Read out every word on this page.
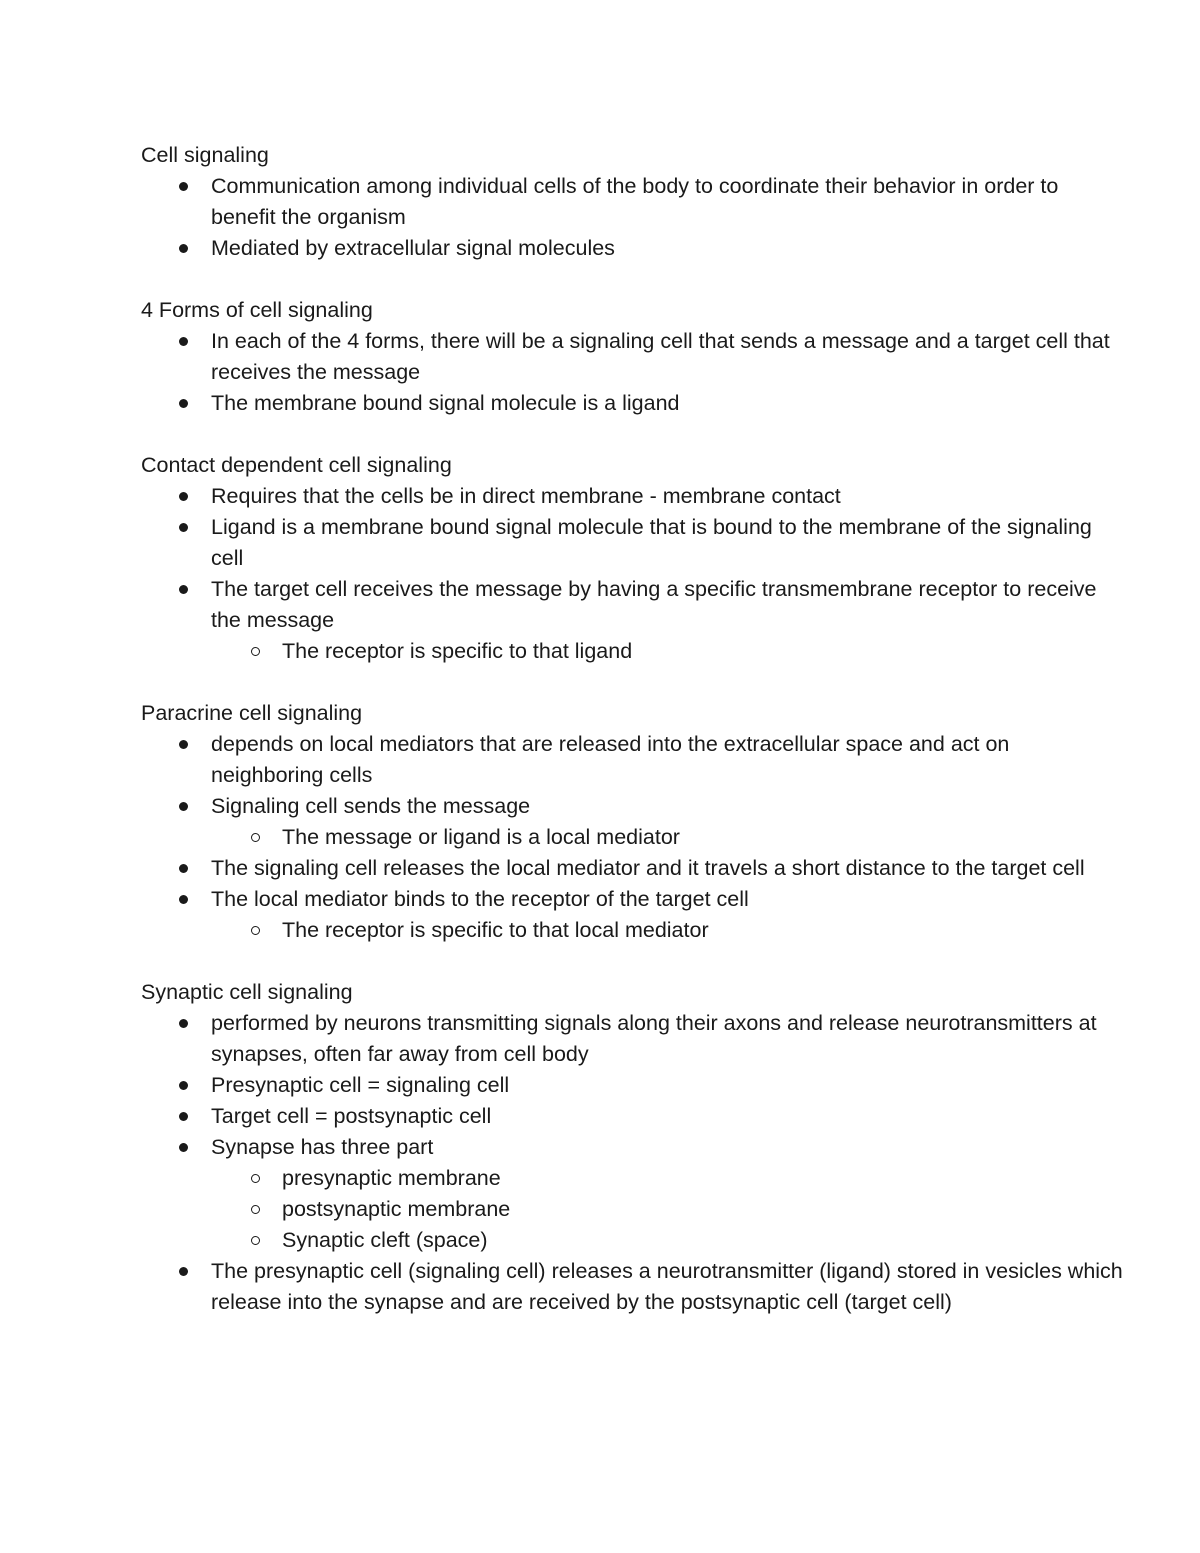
Cell signaling
Communication among individual cells of the body to coordinate their behavior in order to benefit the organism
Mediated by extracellular signal molecules
4 Forms of cell signaling
In each of the 4 forms, there will be a signaling cell that sends a message and a target cell that receives the message
The membrane bound signal molecule is a ligand
Contact dependent cell signaling
Requires that the cells be in direct membrane - membrane contact
Ligand is a membrane bound signal molecule that is bound to the membrane of the signaling cell
The target cell receives the message by having a specific transmembrane receptor to receive the message
The receptor is specific to that ligand
Paracrine cell signaling
depends on local mediators that are released into the extracellular space and act on neighboring cells
Signaling cell sends the message
The message or ligand is a local mediator
The signaling cell releases the local mediator and it travels a short distance to the target cell
The local mediator binds to the receptor of the target cell
The receptor is specific to that local mediator
Synaptic cell signaling
performed by neurons transmitting signals along their axons and release neurotransmitters at synapses, often far away from cell body
Presynaptic cell = signaling cell
Target cell = postsynaptic cell
Synapse has three part
presynaptic membrane
postsynaptic membrane
Synaptic cleft (space)
The presynaptic cell (signaling cell) releases a neurotransmitter (ligand) stored in vesicles which release into the synapse and are received by the postsynaptic cell (target cell)
